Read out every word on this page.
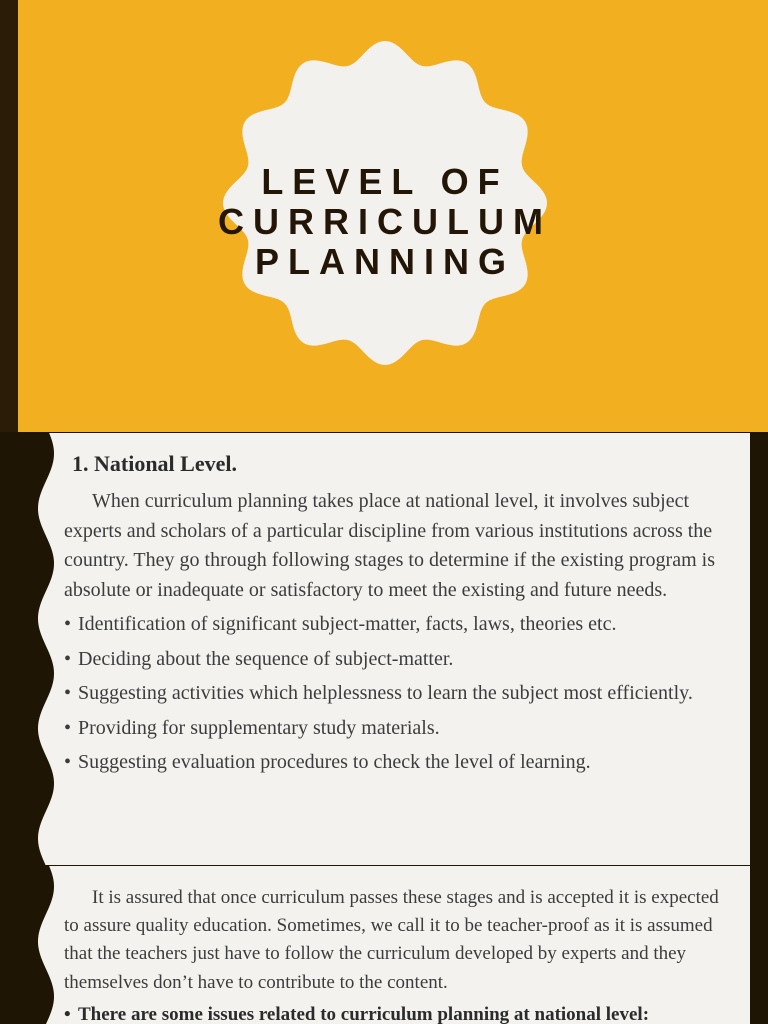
LEVEL OF CURRICULUM
PLANNING
1. National Level.

When curriculum planning takes place at national level, it involves subject experts and scholars of a particular discipline from various institutions across the country. They go through following stages to determine if the existing program is absolute or inadequate or satisfactory to meet the existing and future needs.

• Identification of significant subject-matter, facts, laws, theories etc.
• Deciding about the sequence of subject-matter.
• Suggesting activities which helplessness to learn the subject most efficiently.
• Providing for supplementary study materials.
• Suggesting evaluation procedures to check the level of learning.

It is assured that once curriculum passes these stages and is accepted it is expected to assure quality education. Sometimes, we call it to be teacher-proof as it is assumed that the teachers just have to follow the curriculum developed by experts and they themselves don’t have to contribute to the content.

• There are some issues related to curriculum planning at national level:
